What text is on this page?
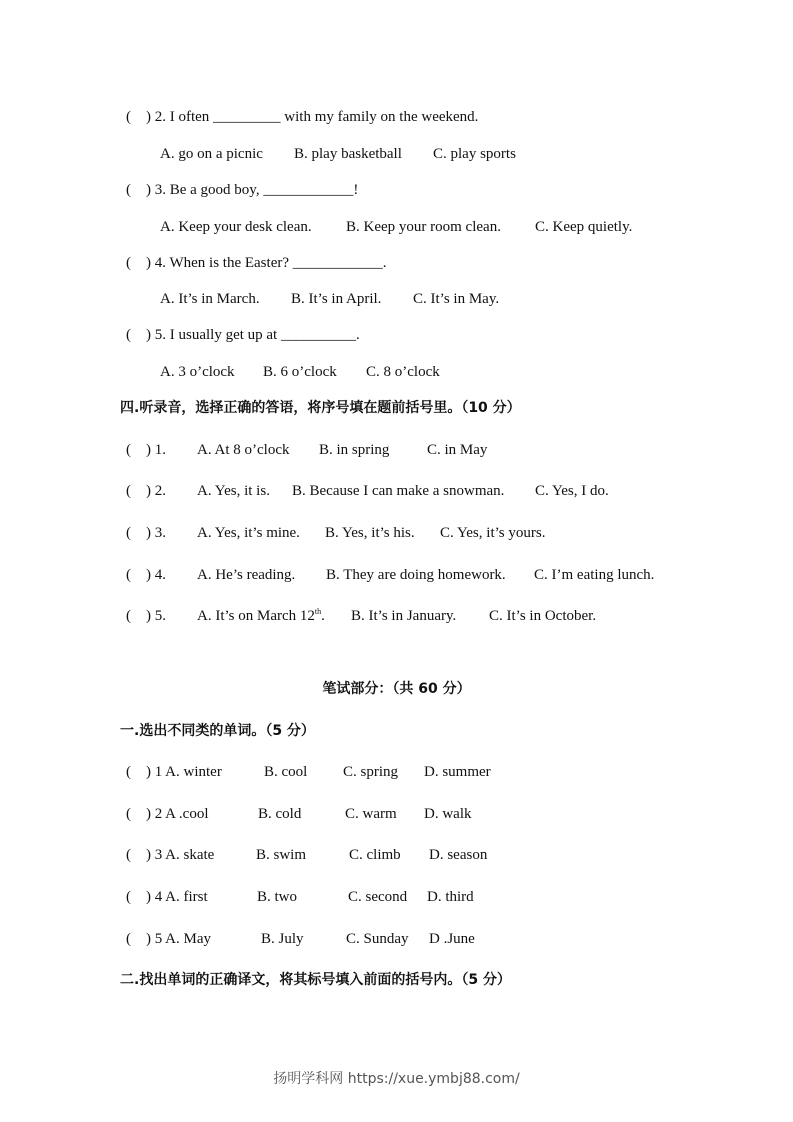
(    ) 2. I often _________ with my family on the weekend.
A. go on a picnic B. play basketball C. play sports
(    ) 3. Be a good boy, ____________!
A. Keep your desk clean. B. Keep your room clean. C. Keep quietly.
(    ) 4. When is the Easter? ____________.
A. It’s in March. B. It’s in April. C. It’s in May.
(    ) 5. I usually get up at __________.
A. 3 o’clock B. 6 o’clock C. 8 o’clock
四.听录音，选择正确的答语，将序号填在题前括号里。（10 分）
(    ) 1. A. At 8 o’clock B. in spring	C. in May
(    ) 2. A. Yes, it is. B. Because I can make a snowman. C. Yes, I do.
(    ) 3. A. Yes, it’s mine. B. Yes, it’s his. C. Yes, it’s yours.
(    ) 4. A. He’s reading. B. They are doing homework. C. I’m eating lunch.
(    ) 5. A. It’s on March 12th. B. It’s in January. C. It’s in October.
笔试部分：（共 60 分）
一.选出不同类的单词。（5 分）
(    ) 1 A. winter	B. cool C. spring D. summer
(    ) 2 A .cool	B. cold	C. warm D. walk
(    ) 3 A. skate	B. swim	C. climb D. season
(    ) 4 A. first	B. two	C. second D. third
(    ) 5 A. May	B. July	C. Sunday D .June
二.找出单词的正确译文，将其标号填入前面的括号内。（5 分）
扬明学科网 https://xue.ymbj88.com/
